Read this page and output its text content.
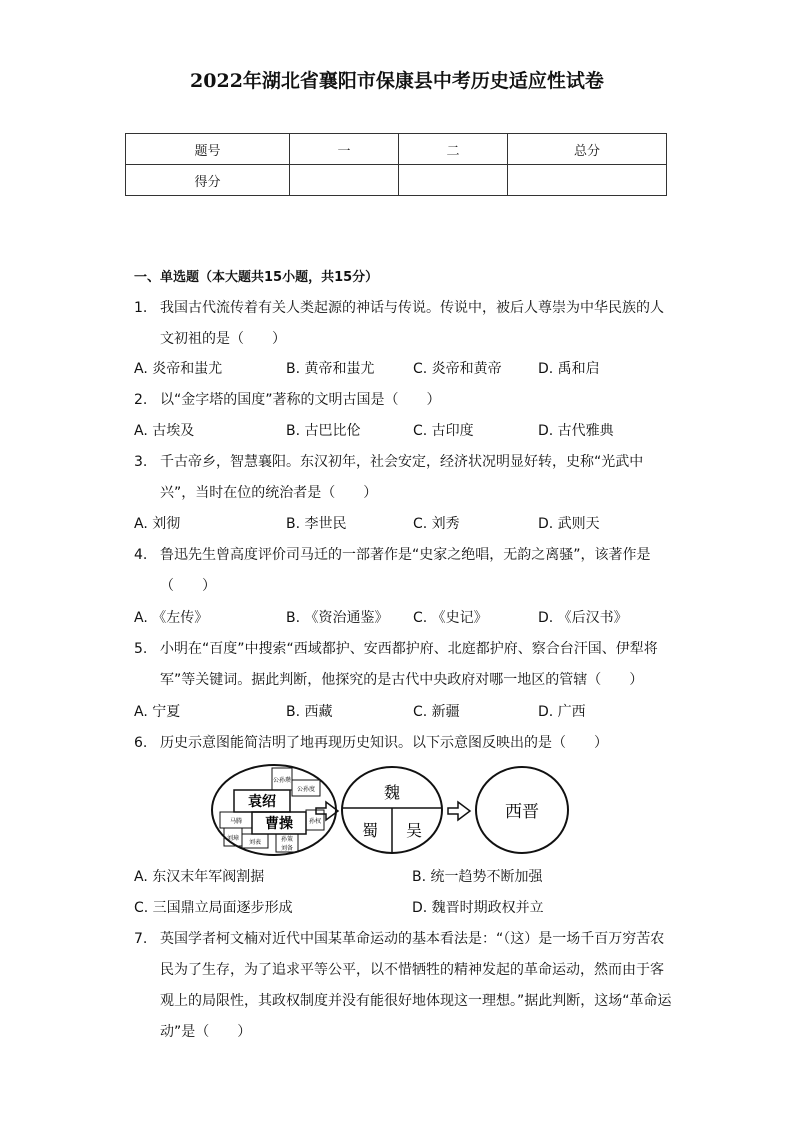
2022年湖北省襄阳市保康县中考历史适应性试卷
题号	一	二	总分
得分			
一、单选题（本大题共15小题，共15分）
1. 我国古代流传着有关人类起源的神话与传说。传说中，被后人尊崇为中华民族的人文初祖的是（　　）
A. 炎帝和蚩尤	B. 黄帝和蚩尤	C. 炎帝和黄帝	D. 禹和启
2. 以“金字塔的国度”著称的文明古国是（　　）
A. 古埃及	B. 古巴比伦	C. 古印度	D. 古代雅典
3. 千古帝乡，智慧襄阳。东汉初年，社会安定，经济状况明显好转，史称“光武中兴”，当时在位的统治者是（　　）
A. 刘彻	B. 李世民	C. 刘秀	D. 武则天
4. 鲁迅先生曾高度评价司马迁的一部著作是“史家之绝唱，无韵之离骚”，该著作是（　　）
A. 《左传》	B. 《资治通鉴》 C. 《史记》	D. 《后汉书》
5. 小明在“百度”中搜索“西域都护、安西都护府、北庭都护府、察合台汗国、伊犁将军”等关键词。据此判断，他探究的是古代中央政府对哪一地区的管辖（　　）
A. 宁夏	B. 西藏	C. 新疆	D. 广西
6. 历史示意图能简洁明了地再现历史知识。以下示意图反映出的是（　　）
袁绍
曹操
公孙瓒
公孙度
马腾
刘璋
刘表
孙权
孙策
刘备
魏
蜀 吴
西晋
A. 东汉末年军阀割据	B. 统一趋势不断加强
C. 三国鼎立局面逐步形成	D. 魏晋时期政权并立
7. 英国学者柯文楠对近代中国某革命运动的基本看法是：“（这）是一场千百万穷苦农民为了生存，为了追求平等公平，以不惜牺牲的精神发起的革命运动，然而由于客观上的局限性，其政权制度并没有能很好地体现这一理想。”据此判断，这场“革命运动”是（　　）
